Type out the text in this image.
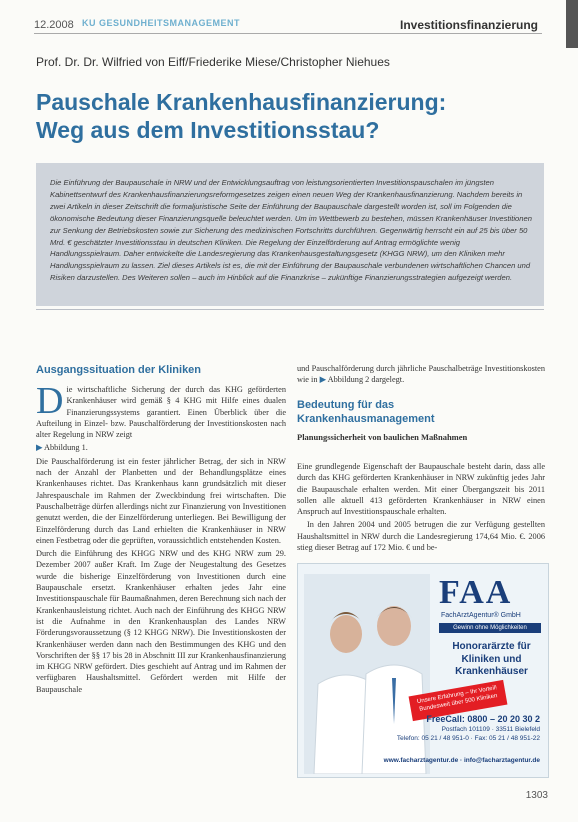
12.2008 KU GESUNDHEITSMANAGEMENT	Investitionsfinanzierung
Prof. Dr. Dr. Wilfried von Eiff/Friederike Miese/Christopher Niehues
Pauschale Krankenhausfinanzierung:
Weg aus dem Investitionsstau?
Die Einführung der Baupauschale in NRW und der Entwicklungsauftrag von leistungsorientierten Investitionspauschalen im jüngsten Kabinettsentwurf des Krankenhausfinanzierungsreformgesetzes zeigen einen neuen Weg der Krankenhausfinanzierung. Nachdem bereits in zwei Artikeln in dieser Zeitschrift die formaljuristische Seite der Einführung der Baupauschale dargestellt worden ist, soll im Folgenden die ökonomische Bedeutung dieser Finanzierungsquelle beleuchtet werden. Um im Wettbewerb zu bestehen, müssen Krankenhäuser Investitionen zur Senkung der Betriebskosten sowie zur Sicherung des medizinischen Fortschritts durchführen. Gegenwärtig herrscht ein auf 25 bis über 50 Mrd. € geschätzter Investitionsstau in deutschen Kliniken. Die Regelung der Einzelförderung auf Antrag ermöglichte wenig Handlungsspielraum. Daher entwickelte die Landesregierung das Krankenhausgestaltungsgesetz (KHGG NRW), um den Kliniken mehr Handlungsspielraum zu lassen. Ziel dieses Artikels ist es, die mit der Einführung der Baupauschale verbundenen wirtschaftlichen Chancen und Risiken darzustellen. Des Weiteren sollen – auch im Hinblick auf die Finanzkrise – zukünftige Finanzierungsstrategien aufgezeigt werden.
Ausgangssituation der Kliniken

Die wirtschaftliche Sicherung der durch das KHG geförderten Krankenhäuser wird gemäß § 4 KHG mit Hilfe eines dualen Finanzierungssystems garantiert. Einen Überblick über die Aufteilung in Einzel- bzw. Pauschalförderung der Investitionskosten nach alter Regelung in NRW zeigt

▶ Abbildung 1.

Die Pauschalförderung ist ein fester jährlicher Betrag, der sich in NRW nach der Anzahl der Planbetten und der Behandlungsplätze eines Krankenhauses richtet. Das Krankenhaus kann grundsätzlich mit dieser Jahrespauschale im Rahmen der Zweckbindung frei wirtschaften. Die Pauschalbeträge dürfen allerdings nicht zur Finanzierung von Investitionen genutzt werden, die der Einzelförderung unterliegen. Bei Bewilligung der Einzelförderung durch das Land erhielten die Krankenhäuser in NRW einen Festbetrag oder die geprüften, voraussichtlich entstehenden Kosten.

Durch die Einführung des KHGG NRW und des KHG NRW zum 29. Dezember 2007 außer Kraft. Im Zuge der Neugestaltung des Gesetzes wurde die bisherige Einzelförderung von Investitionen durch eine Baupauschale ersetzt. Krankenhäuser erhalten jedes Jahr eine Investitionspauschale für Baumaßnahmen, deren Berechnung sich nach der Krankenhausleistung richtet. Auch nach der Einführung des KHGG NRW ist die Aufnahme in den Krankenhausplan des Landes NRW Förderungsvoraussetzung (§ 12 KHGG NRW). Die Investitionskosten der Krankenhäuser werden dann nach den Bestimmungen des KHG und den Vorschriften der §§ 17 bis 28 in Abschnitt III zur Krankenhausfinanzierung im KHGG NRW gefördert. Dies geschieht auf Antrag und im Rahmen der verfügbaren Haushaltsmittel. Gefördert werden mit Hilfe der Baupauschale

und Pauschalförderung durch jährliche Pauschalbeträge Investitionskosten wie in ▶ Abbildung 2 dargelegt.
Bedeutung für das
Krankenhausmanagement
Planungssicherheit von baulichen Maßnahmen

Eine grundlegende Eigenschaft der Baupauschale besteht darin, dass alle durch das KHG geförderten Krankenhäuser in NRW zukünftig jedes Jahr die Baupauschale erhalten werden. Mit einer Übergangszeit bis 2011 sollen alle aktuell 413 geförderten Krankenhäuser in NRW einen Anspruch auf Investitionspauschale erhalten.

In den Jahren 2004 und 2005 betrugen die zur Verfügung gestellten Haushaltsmittel in NRW durch die Landesregierung 174,64 Mio. €. 2006 stieg dieser Betrag auf 172 Mio. € und be-

FAA
FachArztAgentur® GmbH
Gewinn ohne Möglichkeiten
Honorarärzte für Kliniken und Krankenhäuser
Unsere Erfahrung – Ihr Vorteil! Bundesweit über 500 Kliniken
FreeCall: 0800 – 20 20 30 2
Postfach 101109 · 33511 Bielefeld
Telefon: 05 21 / 48 951-0 · Fax: 05 21 / 48 951-22
www.facharztagentur.de · info@facharztagentur.de
1303
